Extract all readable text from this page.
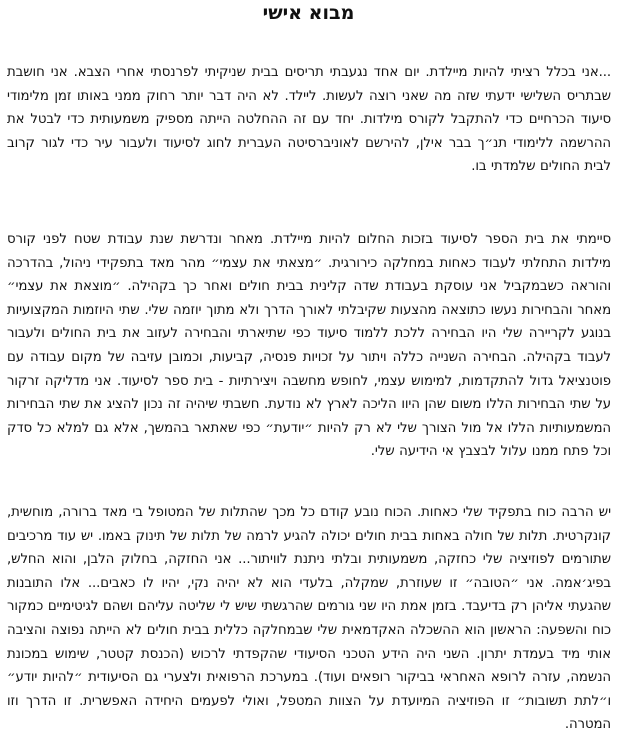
מבוא אישי

...אני בכלל רציתי להיות מיילדת. יום אחד נגעבתי תריסים בבית שניקיתי לפרנסתי אחרי הצבא. אני חושבת שבתריס השלישי ידעתי שזה מה שאני רוצה לעשות. ליילד. לא היה דבר יותר רחוק ממני באותו זמן מלימודי סיעוד הכרחיים כדי להתקבל לקורס מילדות. יחד עם זה ההחלטה הייתה מספיק משמעותית כדי לבטל את ההרשמה ללימודי תנ״ך בבר אילן, להירשם לאוניברסיטה העברית לחוג לסיעוד ולעבור עיר כדי לגור קרוב לבית החולים שלמדתי בו.

סיימתי את בית הספר לסיעוד בזכות החלום להיות מיילדת. מאחר ונדרשת שנת עבודת שטח לפני קורס מילדות התחלתי לעבוד כאחות במחלקה כירורגית. ״מצאתי את עצמי״ מהר מאד בתפקידי ניהול, בהדרכה והוראה כשבמקביל אני עוסקת בעבודת שדה קלינית בבית חולים ואחר כך בקהילה. ״מוצאת את עצמי״ מאחר והבחירות נעשו כתוצאה מהצעות שקיבלתי לאורך הדרך ולא מתוך יוזמה שלי. שתי היוזמות המקצועיות בנוגע לקריירה שלי היו הבחירה ללכת ללמוד סיעוד כפי שתיארתי והבחירה לעזוב את בית החולים ולעבור לעבוד בקהילה. הבחירה השנייה כללה ויתור על זכויות פנסיה, קביעות, וכמובן עזיבה של מקום עבודה עם פוטנציאל גדול להתקדמות, למימוש עצמי, לחופש מחשבה ויצירתיות - בית ספר לסיעוד. אני מדליקה זרקור על שתי הבחירות הללו משום שהן היוו הליכה לארץ לא נודעת. חשבתי שיהיה זה נכון להציג את שתי הבחירות המשמעותיות הללו אל מול הצורך שלי לא רק להיות ״יודעת״ כפי שאתאר בהמשך, אלא גם למלא כל סדק וכל פתח ממנו עלול לבצבץ אי הידיעה שלי.

יש הרבה כוח בתפקיד שלי כאחות. הכוח נובע קודם כל מכך שהתלות של המטופל בי מאד ברורה, מוחשית, קונקרטית. תלות של חולה באחות בבית חולים יכולה להגיע לרמה של תלות של תינוק באמו. יש עוד מרכיבים שתורמים לפוזיציה שלי כחזקה, משמעותית ובלתי ניתנת לוויתור... אני החזקה, בחלוק הלבן, והוא החלש, בפיג׳אמה. אני ״הטובה״ זו שעוזרת, שמקלה, בלעדי הוא לא יהיה נקי, יהיו לו כאבים... אלו התובנות שהגעתי אליהן רק בדיעבד. בזמן אמת היו שני גורמים שהרגשתי שיש לי שליטה עליהם ושהם לגיטימיים כמקור כוח והשפעה: הראשון הוא ההשכלה האקדמאית שלי שבמחלקה כללית בבית חולים לא הייתה נפוצה והציבה אותי מיד בעמדת יתרון. השני היה הידע הטכני הסיעודי שהקפדתי לרכוש (הכנסת קטטר, שימוש במכונת הנשמה, עזרה לרופא האחראי בביקור רופאים ועוד). במערכת הרפואית ולצערי גם הסיעודית ״להיות יודע״ ו״לתת תשובות״ זו הפוזיציה המיועדת על הצוות המטפל, ואולי לפעמים היחידה האפשרית. זו הדרך וזו המטרה.
